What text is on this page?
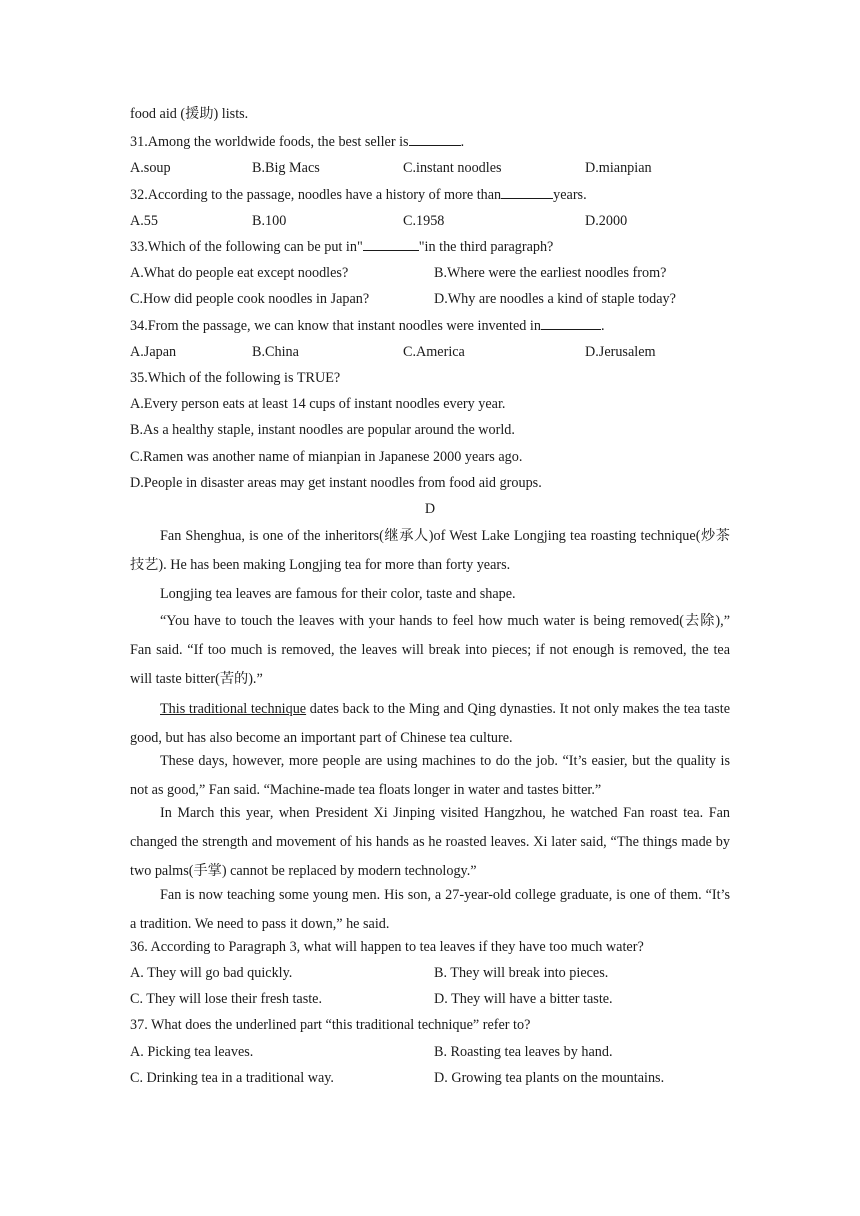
food aid (援助) lists.
31.Among the worldwide foods, the best seller is	.
A.soup	B.Big Macs	C.instant noodles	D.mianpian
32.According to the passage, noodles have a history of more than	years.
A.55	B.100	C.1958	D.2000
33.Which of the following can be put in"	"in the third paragraph?
A.What do people eat except noodles?	B.Where were the earliest noodles from?
C.How did people cook noodles in Japan?	D.Why are noodles a kind of staple today?
34.From the passage, we can know that instant noodles were invented in	.
A.Japan	B.China	C.America	D.Jerusalem
35.Which of the following is TRUE?
A.Every person eats at least 14 cups of instant noodles every year.
B.As a healthy staple, instant noodles are popular around the world.
C.Ramen was another name of mianpian in Japanese 2000 years ago.
D.People in disaster areas may get instant noodles from food aid groups.
D
Fan Shenghua, is one of the inheritors(继承人)of West Lake Longjing tea roasting technique(炒茶技艺). He has been making Longjing tea for more than forty years.
Longjing tea leaves are famous for their color, taste and shape.
“You have to touch the leaves with your hands to feel how much water is being removed(去除),” Fan said. “If too much is removed, the leaves will break into pieces; if not enough is removed, the tea will taste bitter(苦的).”
This traditional technique dates back to the Ming and Qing dynasties. It not only makes the tea taste good, but has also become an important part of Chinese tea culture.
These days, however, more people are using machines to do the job. “It’s easier, but the quality is not as good,” Fan said. “Machine-made tea floats longer in water and tastes bitter.”
In March this year, when President Xi Jinping visited Hangzhou, he watched Fan roast tea. Fan changed the strength and movement of his hands as he roasted leaves. Xi later said, “The things made by two palms(手掌) cannot be replaced by modern technology.”
Fan is now teaching some young men. His son, a 27-year-old college graduate, is one of them. “It’s a tradition. We need to pass it down,” he said.
36. According to Paragraph 3, what will happen to tea leaves if they have too much water?
A. They will go bad quickly.	B. They will break into pieces.
C. They will lose their fresh taste.	D. They will have a bitter taste.
37. What does the underlined part “this traditional technique” refer to?
A. Picking tea leaves.	B. Roasting tea leaves by hand.
C. Drinking tea in a traditional way.	D. Growing tea plants on the mountains.
